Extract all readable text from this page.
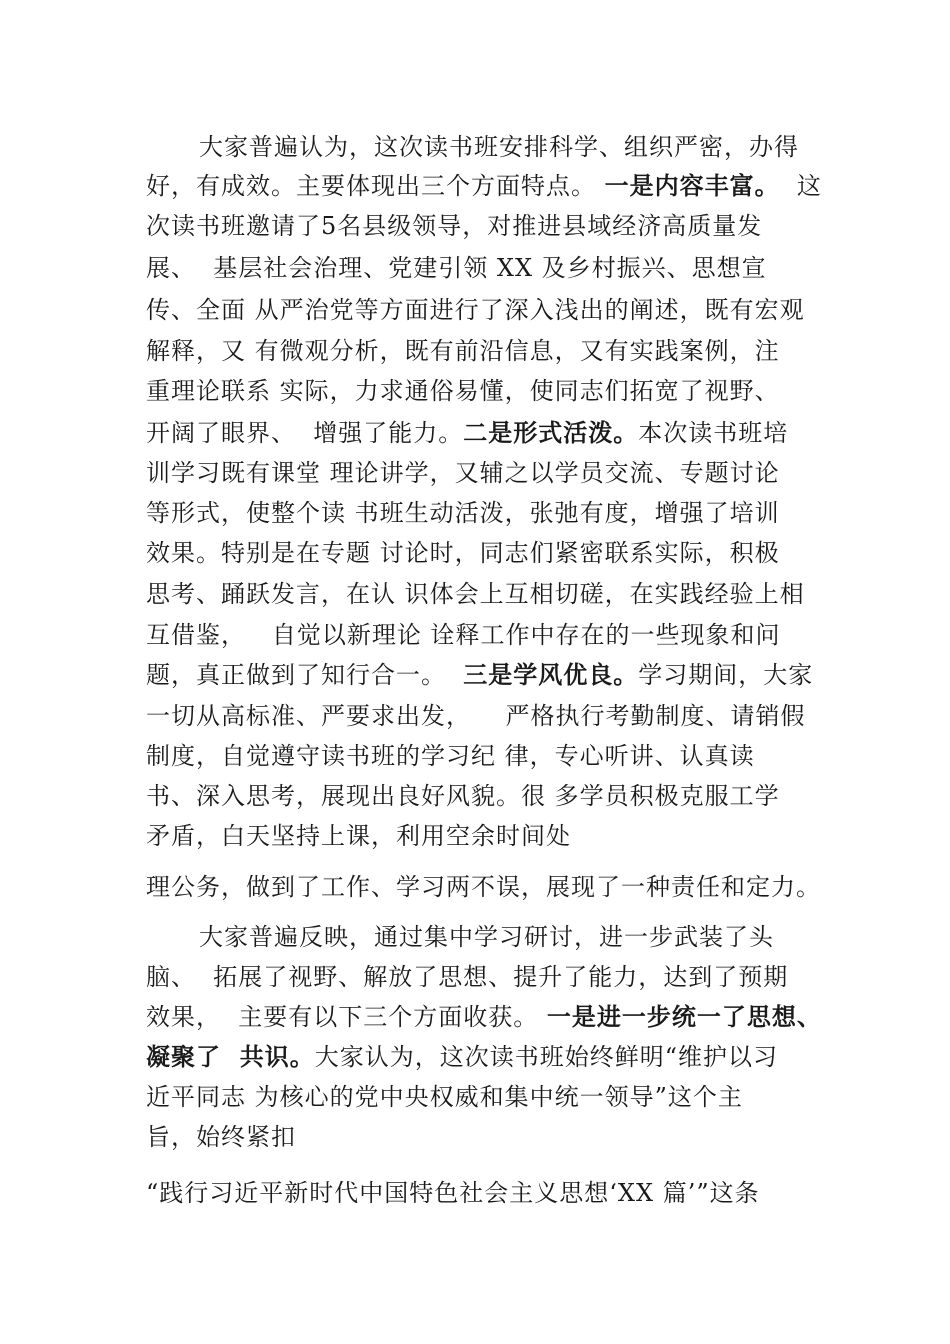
大家普遍认为，这次读书班安排科学、组织严密，办得
好，有成效。主要体现出三个方面特点。 一是内容丰富。  这
次读书班邀请了5名县级领导，对推进县域经济高质量发
展、  基层社会治理、党建引领 XX 及乡村振兴、思想宣
传、全面 从严治党等方面进行了深入浅出的阐述，既有宏观
解释，又 有微观分析，既有前沿信息，又有实践案例，注
重理论联系 实际，力求通俗易懂，使同志们拓宽了视野、
开阔了眼界、  增强了能力。二是形式活泼。本次读书班培
训学习既有课堂 理论讲学，又辅之以学员交流、专题讨论
等形式，使整个读 书班生动活泼，张弛有度，增强了培训
效果。特别是在专题 讨论时，同志们紧密联系实际，积极
思考、踊跃发言，在认 识体会上互相切磋，在实践经验上相
互借鉴，   自觉以新理论 诠释工作中存在的一些现象和问
题，真正做到了知行合一。  三是学风优良。学习期间，大家
一切从高标准、严要求出发，    严格执行考勤制度、请销假
制度，自觉遵守读书班的学习纪 律，专心听讲、认真读
书、深入思考，展现出良好风貌。很 多学员积极克服工学
矛盾，白天坚持上课，利用空余时间处
理公务，做到了工作、学习两不误，展现了一种责任和定力。
大家普遍反映，通过集中学习研讨，进一步武装了头
脑、  拓展了视野、解放了思想、提升了能力，达到了预期
效果，  主要有以下三个方面收获。 一是进一步统一了思想、
凝聚了  共识。大家认为，这次读书班始终鲜明“维护以习
近平同志 为核心的党中央权威和集中统一领导”这个主
旨，始终紧扣
“践行习近平新时代中国特色社会主义思想‘XX 篇’”这条
